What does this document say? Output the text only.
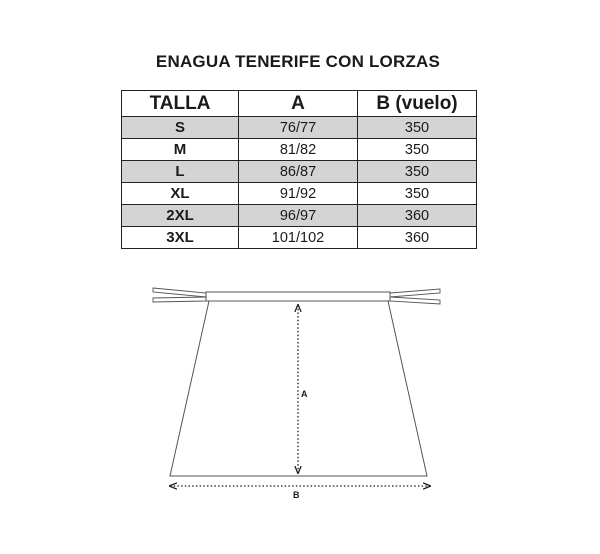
ENAGUA TENERIFE CON LORZAS
TALLA	A	B (vuelo)
S	76/77	350
M	81/82	350
L	86/87	350
XL	91/92	350
2XL	96/97	360
3XL	101/102	360
A
B
